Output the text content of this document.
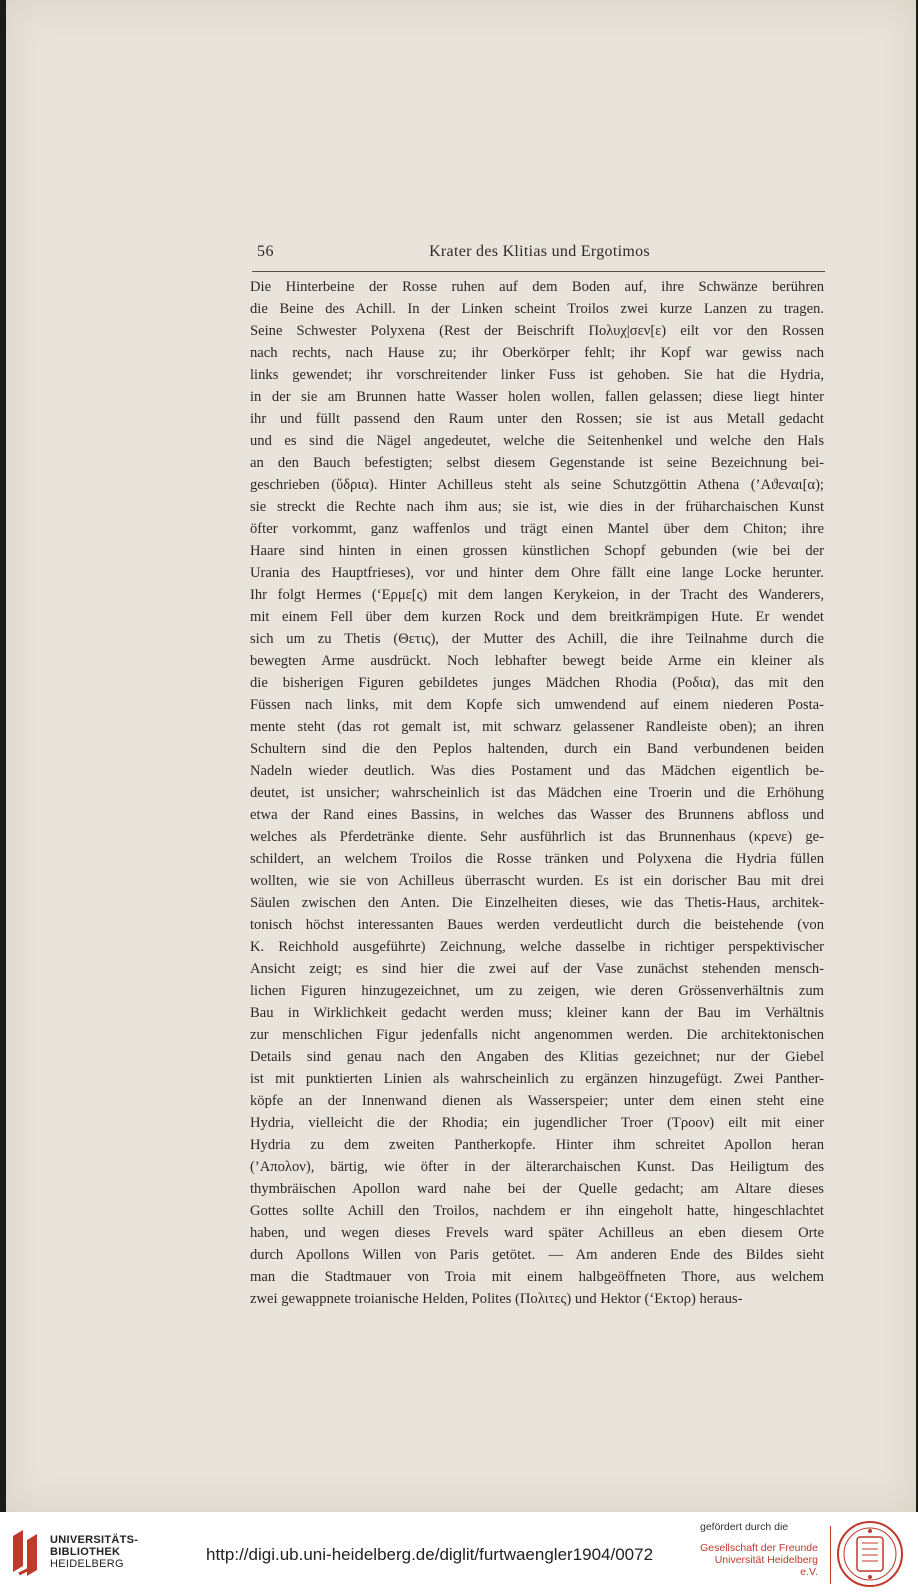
56	Krater des Klitias und Ergotimos
Die Hinterbeine der Rosse ruhen auf dem Boden auf, ihre Schwänze berühren
die Beine des Achill. In der Linken scheint Troilos zwei kurze Lanzen zu tragen.
Seine Schwester Polyxena (Rest der Beischrift Πολυχ|σεν[ε) eilt vor den Rossen
nach rechts, nach Hause zu; ihr Oberkörper fehlt; ihr Kopf war gewiss nach
links gewendet; ihr vorschreitender linker Fuss ist gehoben. Sie hat die Hydria,
in der sie am Brunnen hatte Wasser holen wollen, fallen gelassen; diese liegt hinter
ihr und füllt passend den Raum unter den Rossen; sie ist aus Metall gedacht
und es sind die Nägel angedeutet, welche die Seitenhenkel und welche den Hals
an den Bauch befestigten; selbst diesem Gegenstande ist seine Bezeichnung bei-
geschrieben (ὕδρια). Hinter Achilleus steht als seine Schutzgöttin Athena (’Αϑεναι[α);
sie streckt die Rechte nach ihm aus; sie ist, wie dies in der früharchaischen Kunst
öfter vorkommt, ganz waffenlos und trägt einen Mantel über dem Chiton; ihre
Haare sind hinten in einen grossen künstlichen Schopf gebunden (wie bei der
Urania des Hauptfrieses), vor und hinter dem Ohre fällt eine lange Locke herunter.
Ihr folgt Hermes (‘Ερμε[ς) mit dem langen Kerykeion, in der Tracht des Wanderers,
mit einem Fell über dem kurzen Rock und dem breitkrämpigen Hute. Er wendet
sich um zu Thetis (Θετις), der Mutter des Achill, die ihre Teilnahme durch die
bewegten Arme ausdrückt. Noch lebhafter bewegt beide Arme ein kleiner als
die bisherigen Figuren gebildetes junges Mädchen Rhodia (Ροδια), das mit den
Füssen nach links, mit dem Kopfe sich umwendend auf einem niederen Posta-
mente steht (das rot gemalt ist, mit schwarz gelassener Randleiste oben); an ihren
Schultern sind die den Peplos haltenden, durch ein Band verbundenen beiden
Nadeln wieder deutlich. Was dies Postament und das Mädchen eigentlich be-
deutet, ist unsicher; wahrscheinlich ist das Mädchen eine Troerin und die Erhöhung
etwa der Rand eines Bassins, in welches das Wasser des Brunnens abfloss und
welches als Pferdetränke diente. Sehr ausführlich ist das Brunnenhaus (κρενε) ge-
schildert, an welchem Troilos die Rosse tränken und Polyxena die Hydria füllen
wollten, wie sie von Achilleus überrascht wurden. Es ist ein dorischer Bau mit drei
Säulen zwischen den Anten. Die Einzelheiten dieses, wie das Thetis-Haus, architek-
tonisch höchst interessanten Baues werden verdeutlicht durch die beistehende (von
K. Reichhold ausgeführte) Zeichnung, welche dasselbe in richtiger perspektivischer
Ansicht zeigt; es sind hier die zwei auf der Vase zunächst stehenden mensch-
lichen Figuren hinzugezeichnet, um zu zeigen, wie deren Grössenverhältnis zum
Bau in Wirklichkeit gedacht werden muss; kleiner kann der Bau im Verhältnis
zur menschlichen Figur jedenfalls nicht angenommen werden. Die architektonischen
Details sind genau nach den Angaben des Klitias gezeichnet; nur der Giebel
ist mit punktierten Linien als wahrscheinlich zu ergänzen hinzugefügt. Zwei Panther-
köpfe an der Innenwand dienen als Wasserspeier; unter dem einen steht eine
Hydria, vielleicht die der Rhodia; ein jugendlicher Troer (Τροον) eilt mit einer
Hydria zu dem zweiten Pantherkopfe. Hinter ihm schreitet Apollon heran
(’Απολον), bärtig, wie öfter in der älterarchaischen Kunst. Das Heiligtum des
thymbräischen Apollon ward nahe bei der Quelle gedacht; am Altare dieses
Gottes sollte Achill den Troilos, nachdem er ihn eingeholt hatte, hingeschlachtet
haben, und wegen dieses Frevels ward später Achilleus an eben diesem Orte
durch Apollons Willen von Paris getötet. — Am anderen Ende des Bildes sieht
man die Stadtmauer von Troia mit einem halbgeöffneten Thore, aus welchem
zwei gewappnete troianische Helden, Polites (Πολιτες) und Hektor (‘Εκτορ) heraus-
UNIVERSITÄTS-
BIBLIOTHEK
HEIDELBERG	http://digi.ub.uni-heidelberg.de/diglit/furtwaengler1904/0072
gefördert durch die
Gesellschaft der Freunde
Universität Heidelberg e.V.
